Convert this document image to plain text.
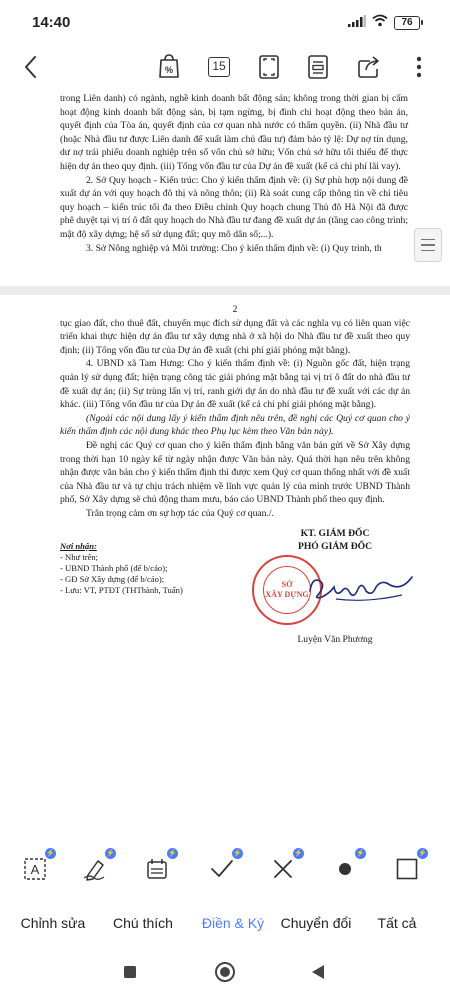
14:40	76
%	15

trong Liên danh) có ngành, nghề kinh doanh bất động sản; không trong thời gian bị cấm hoạt động kinh doanh bất động sản, bị tạm ngừng, bị đình chỉ hoạt động theo bản án, quyết định của Tòa án, quyết định của cơ quan nhà nước có thẩm quyền. (ii) Nhà đầu tư (hoặc Nhà đầu tư được Liên danh để xuất làm chủ đầu tư) đảm bảo tỷ lệ: Dự nợ tín dụng, dư nợ trái phiếu doanh nghiệp trên số vốn chủ sở hữu; Vốn chủ sở hữu tối thiểu để thực hiện dự án theo quy định. (iii) Tổng vốn đầu tư của Dự án đề xuất (kể cả chi phí lãi vay).

2. Sở Quy hoạch - Kiến trúc: Cho ý kiến thẩm định về: (i) Sự phù hợp nội dung đề xuất dự án với quy hoạch đô thị và nông thôn; (ii) Rà soát cung cấp thông tin về chỉ tiêu quy hoạch – kiến trúc tối đa theo Điều chỉnh Quy hoạch chung Thủ đô Hà Nội đã được phê duyệt tại vị trí ô đất quy hoạch do Nhà đầu tư đang đề xuất dự án (tầng cao công trình; mật độ xây dựng; hệ số sử dụng đất; quy mô dân số;...).

3. Sở Nông nghiệp và Môi trường: Cho ý kiến thẩm định về: (i) Quy trình, th

2

tục giao đất, cho thuê đất, chuyển mục đích sử dụng đất và các nghĩa vụ có liên quan việc triển khai thực hiện dự án đầu tư xây dựng nhà ở xã hội do Nhà đầu tư đề xuất theo quy định; (ii) Tổng vốn đầu tư của Dự án đề xuất (chi phí giải phóng mặt bằng).

4. UBND xã Tam Hưng: Cho ý kiến thẩm định về: (i) Nguồn gốc đất, hiện trạng quản lý sử dụng đất; hiện trạng công tác giải phóng mặt bằng tại vị trí ô đất do nhà đầu tư đề xuất dự án; (ii) Sự trùng lấn vị trí, ranh giới dự án do nhà đầu tư đề xuất với các dự án khác. (iii) Tổng vốn đầu tư của Dự án đề xuất (kể cả chi phí giải phóng mặt bằng).

(Ngoài các nội dung lấy ý kiến thẩm định nêu trên, đề nghị các Quý cơ quan cho ý kiến thẩm định các nội dung khác theo Phụ lục kèm theo Văn bản này).

Đề nghị các Quý cơ quan cho ý kiến thẩm định bằng văn bản gửi về Sở Xây dựng trong thời hạn 10 ngày kể từ ngày nhận được Văn bản này. Quá thời hạn nêu trên không nhận được văn bản cho ý kiến thẩm định thì được xem Quý cơ quan thống nhất với đề xuất của Nhà đầu tư và tự chịu trách nhiệm về lĩnh vực quản lý của mình trước UBND Thành phố, Sở Xây dựng sẽ chủ động tham mưu, báo cáo UBND Thành phố theo quy định.

Trân trọng cảm ơn sự hợp tác của Quý cơ quan./.

Nơi nhận:
- Như trên;
- UBND Thành phố (để b/cáo);
- GĐ Sở Xây dựng (để b/cáo);
- Lưu: VT, PTĐT (THThành, Tuấn)
KT. GIÁM ĐỐC
PHÓ GIÁM ĐỐC
Luyện Văn Phương
SỞ
XÂY DỰNG
A
⚡	⚡	⚡	⚡	⚡	⚡	⚡
Chỉnh sửa	Chú thích	Điền & Ký	Chuyển đổi	Tất cả
